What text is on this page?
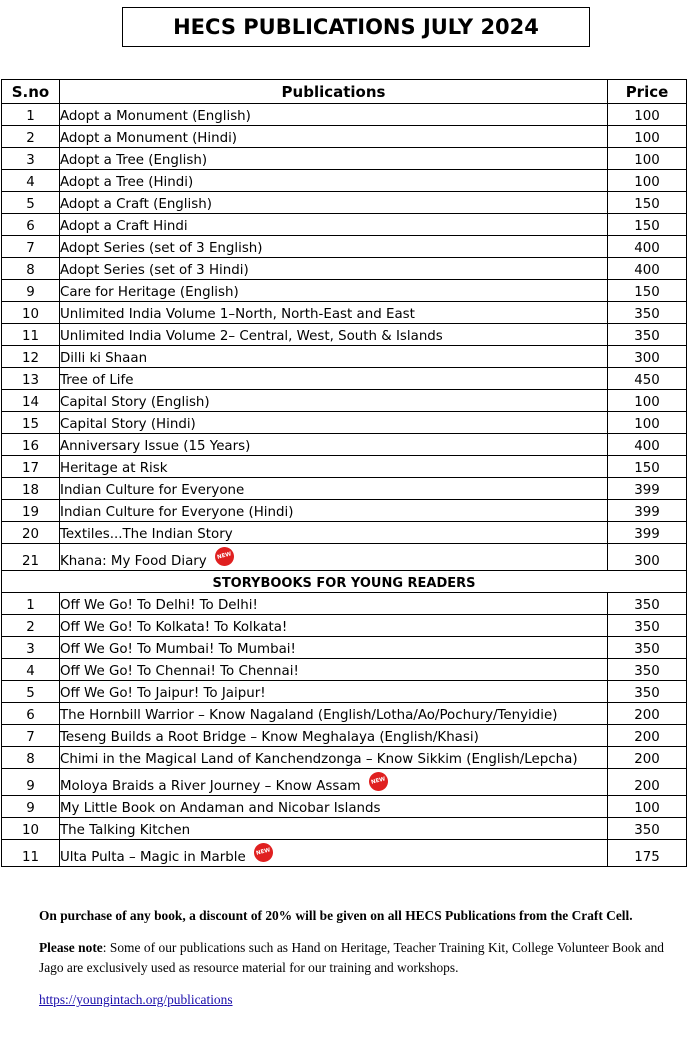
HECS PUBLICATIONS JULY 2024
S.no	Publications	Price
1	Adopt a Monument (English)	100
2	Adopt a Monument (Hindi)	100
3	Adopt a Tree (English)	100
4	Adopt a Tree (Hindi)	100
5	Adopt a Craft (English)	150
6	Adopt a Craft Hindi	150
7	Adopt Series (set of 3 English)	400
8	Adopt Series (set of 3 Hindi)	400
9	Care for Heritage (English)	150
10	Unlimited India Volume 1–North, North-East and East	350
11	Unlimited India Volume 2– Central, West, South & Islands	350
12	Dilli ki Shaan	300
13	Tree of Life	450
14	Capital Story (English)	100
15	Capital Story (Hindi)	100
16	Anniversary Issue (15 Years)	400
17	Heritage at Risk	150
18	Indian Culture for Everyone	399
19	Indian Culture for Everyone (Hindi)	399
20	Textiles...The Indian Story	399
21	Khana: My Food Diary NEW	300
STORYBOOKS FOR YOUNG READERS		
1	Off We Go! To Delhi! To Delhi!	350
2	Off We Go! To Kolkata! To Kolkata!	350
3	Off We Go! To Mumbai! To Mumbai!	350
4	Off We Go! To Chennai! To Chennai!	350
5	Off We Go! To Jaipur! To Jaipur!	350
6	The Hornbill Warrior – Know Nagaland (English/Lotha/Ao/Pochury/Tenyidie)	200
7	Teseng Builds a Root Bridge – Know Meghalaya (English/Khasi)	200
8	Chimi in the Magical Land of Kanchendzonga – Know Sikkim (English/Lepcha)	200
9	Moloya Braids a River Journey – Know Assam NEW	200
9	My Little Book on Andaman and Nicobar Islands	100
10	The Talking Kitchen	350
11	Ulta Pulta – Magic in Marble NEW	175

On purchase of any book, a discount of 20% will be given on all HECS Publications from the Craft Cell.

Please note: Some of our publications such as Hand on Heritage, Teacher Training Kit, College Volunteer Book and Jago are exclusively used as resource material for our training and workshops.

https://youngintach.org/publications
